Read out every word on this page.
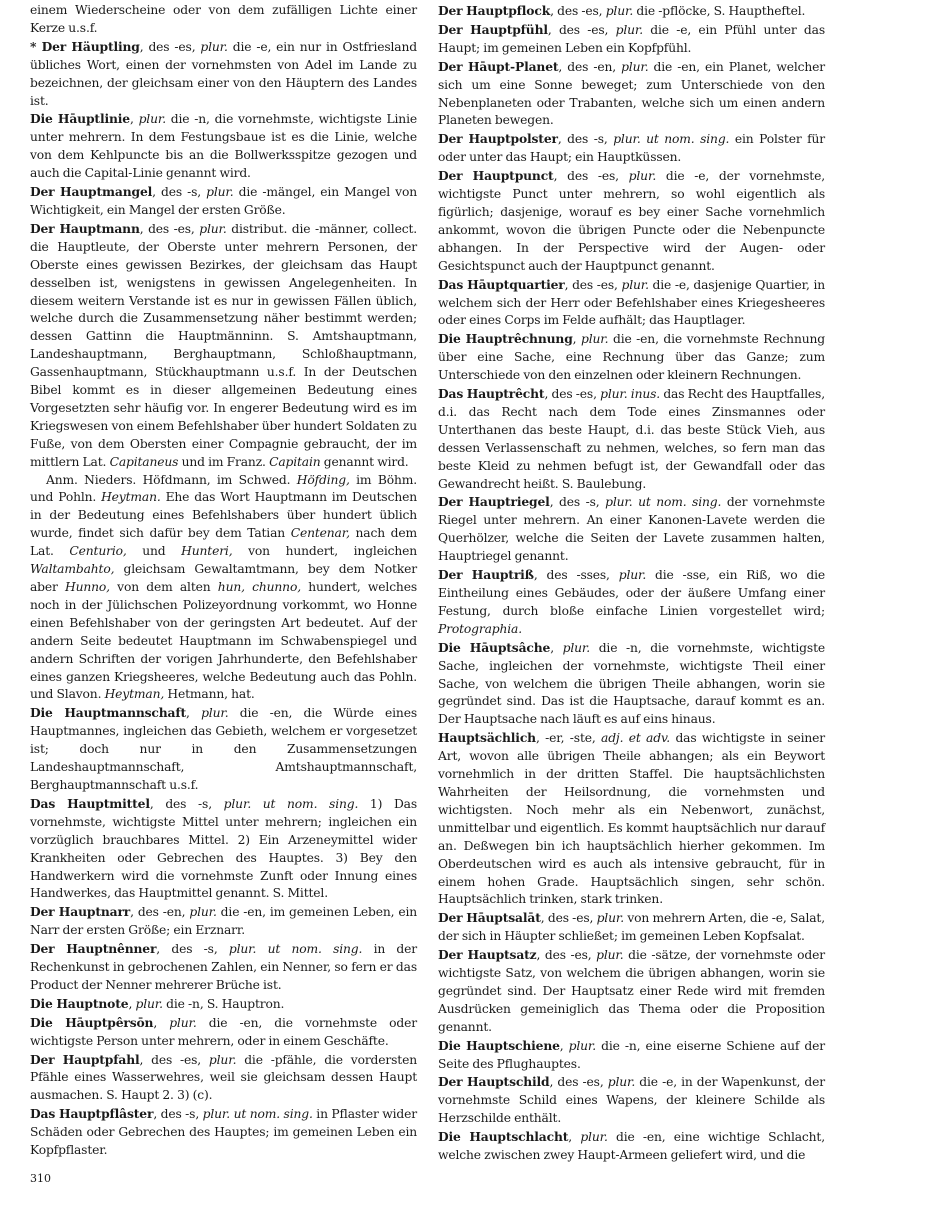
einem Wiederscheine oder von dem zufälligen Lichte einer Kerze u.s.f.

* Der Häuptling, des -es, plur. die -e, ein nur in Ostfriesland übliches Wort, einen der vornehmsten von Adel im Lande zu bezeichnen, der gleichsam einer von den Häuptern des Landes ist.

Die Hāuptlinie, plur. die -n, die vornehmste, wichtigste Linie unter mehrern. In dem Festungsbaue ist es die Linie, welche von dem Kehlpuncte bis an die Bollwerksspitze gezogen und auch die Capital-Linie genannt wird.

Der Hauptmangel, des -s, plur. die -mängel, ein Mangel von Wichtigkeit, ein Mangel der ersten Größe.

Der Hauptmann, des -es, plur. distribut. die -männer, collect. die Hauptleute, der Oberste unter mehrern Personen, der Oberste eines gewissen Bezirkes, der gleichsam das Haupt desselben ist, wenigstens in gewissen Angelegenheiten. In diesem weitern Verstande ist es nur in gewissen Fällen üblich, welche durch die Zusammensetzung näher bestimmt werden; dessen Gattinn die Hauptmänninn. S. Amtshauptmann, Landeshauptmann, Berghauptmann, Schloßhauptmann, Gassenhauptmann, Stückhauptmann u.s.f. In der Deutschen Bibel kommt es in dieser allgemeinen Bedeutung eines Vorgesetzten sehr häufig vor. In engerer Bedeutung wird es im Kriegswesen von einem Befehlshaber über hundert Soldaten zu Fuße, von dem Obersten einer Compagnie gebraucht, der im mittlern Lat. Capitaneus und im Franz. Capitain genannt wird.

Anm. Nieders. Höfdmann, im Schwed. Höfding, im Böhm. und Pohln. Heytman. Ehe das Wort Hauptmann im Deutschen in der Bedeutung eines Befehlshabers über hundert üblich wurde, findet sich dafür bey dem Tatian Centenar, nach dem Lat. Centurio, und Hunteri, von hundert, ingleichen Waltambahto, gleichsam Gewaltamtmann, bey dem Notker aber Hunno, von dem alten hun, chunno, hundert, welches noch in der Jülichschen Polizeyordnung vorkommt, wo Honne einen Befehlshaber von der geringsten Art bedeutet. Auf der andern Seite bedeutet Hauptmann im Schwabenspiegel und andern Schriften der vorigen Jahrhunderte, den Befehlshaber eines ganzen Kriegsheeres, welche Bedeutung auch das Pohln. und Slavon. Heytman, Hetmann, hat.

Die Hauptmannschaft, plur. die -en, die Würde eines Hauptmannes, ingleichen das Gebieth, welchem er vorgesetzet ist; doch nur in den Zusammensetzungen Landeshauptmannschaft, Amtshauptmannschaft, Berghauptmannschaft u.s.f.

Das Hauptmittel, des -s, plur. ut nom. sing. 1) Das vornehmste, wichtigste Mittel unter mehrern; ingleichen ein vorzüglich brauchbares Mittel. 2) Ein Arzeneymittel wider Krankheiten oder Gebrechen des Hauptes. 3) Bey den Handwerkern wird die vornehmste Zunft oder Innung eines Handwerkes, das Hauptmittel genannt. S. Mittel.

Der Hauptnarr, des -en, plur. die -en, im gemeinen Leben, ein Narr der ersten Größe; ein Erznarr.

Der Hauptnênner, des -s, plur. ut nom. sing. in der Rechenkunst in gebrochenen Zahlen, ein Nenner, so fern er das Product der Nenner mehrerer Brüche ist.

Die Hauptnote, plur. die -n, S. Hauptron.

Die Hāuptpêrsōn, plur. die -en, die vornehmste oder wichtigste Person unter mehrern, oder in einem Geschäfte.

Der Hauptpfahl, des -es, plur. die -pfähle, die vordersten Pfähle eines Wasserwehres, weil sie gleichsam dessen Haupt ausmachen. S. Haupt 2. 3) (c).

Das Hauptpflâster, des -s, plur. ut nom. sing. in Pflaster wider Schäden oder Gebrechen des Hauptes; im gemeinen Leben ein Kopfpflaster.

Der Hauptpflock, des -es, plur. die -pflöcke, S. Hauptheftel.

Der Hauptpfühl, des -es, plur. die -e, ein Pfühl unter das Haupt; im gemeinen Leben ein Kopfpfühl.

Der Hāupt-Planet, des -en, plur. die -en, ein Planet, welcher sich um eine Sonne beweget; zum Unterschiede von den Nebenplaneten oder Trabanten, welche sich um einen andern Planeten bewegen.

Der Hauptpolster, des -s, plur. ut nom. sing. ein Polster für oder unter das Haupt; ein Hauptküssen.

Der Hauptpunct, des -es, plur. die -e, der vornehmste, wichtigste Punct unter mehrern, so wohl eigentlich als figürlich; dasjenige, worauf es bey einer Sache vornehmlich ankommt, wovon die übrigen Puncte oder die Nebenpuncte abhangen. In der Perspective wird der Augen- oder Gesichtspunct auch der Hauptpunct genannt.

Das Hāuptquartier, des -es, plur. die -e, dasjenige Quartier, in welchem sich der Herr oder Befehlshaber eines Kriegesheeres oder eines Corps im Felde aufhält; das Hauptlager.

Die Hauptrêchnung, plur. die -en, die vornehmste Rechnung über eine Sache, eine Rechnung über das Ganze; zum Unterschiede von den einzelnen oder kleinern Rechnungen.

Das Hauptrêcht, des -es, plur. inus. das Recht des Hauptfalles, d.i. das Recht nach dem Tode eines Zinsmannes oder Unterthanen das beste Haupt, d.i. das beste Stück Vieh, aus dessen Verlassenschaft zu nehmen, welches, so fern man das beste Kleid zu nehmen befugt ist, der Gewandfall oder das Gewandrecht heißt. S. Baulebung.

Der Hauptriegel, des -s, plur. ut nom. sing. der vornehmste Riegel unter mehrern. An einer Kanonen-Lavete werden die Querhölzer, welche die Seiten der Lavete zusammen halten, Hauptriegel genannt.

Der Hauptriß, des -sses, plur. die -sse, ein Riß, wo die Eintheilung eines Gebäudes, oder der äußere Umfang einer Festung, durch bloße einfache Linien vorgestellet wird; Protographia.

Die Hāuptsâche, plur. die -n, die vornehmste, wichtigste Sache, ingleichen der vornehmste, wichtigste Theil einer Sache, von welchem die übrigen Theile abhangen, worin sie gegründet sind. Das ist die Hauptsache, darauf kommt es an. Der Hauptsache nach läuft es auf eins hinaus.

Hauptsächlich, -er, -ste, adj. et adv. das wichtigste in seiner Art, wovon alle übrigen Theile abhangen; als ein Beywort vornehmlich in der dritten Staffel. Die hauptsächlichsten Wahrheiten der Heilsordnung, die vornehmsten und wichtigsten. Noch mehr als ein Nebenwort, zunächst, unmittelbar und eigentlich. Es kommt hauptsächlich nur darauf an. Deßwegen bin ich hauptsächlich hierher gekommen. Im Oberdeutschen wird es auch als intensive gebraucht, für in einem hohen Grade. Hauptsächlich singen, sehr schön. Hauptsächlich trinken, stark trinken.

Der Hāuptsalāt, des -es, plur. von mehrern Arten, die -e, Salat, der sich in Häupter schließet; im gemeinen Leben Kopfsalat.

Der Hauptsatz, des -es, plur. die -sätze, der vornehmste oder wichtigste Satz, von welchem die übrigen abhangen, worin sie gegründet sind. Der Hauptsatz einer Rede wird mit fremden Ausdrücken gemeiniglich das Thema oder die Proposition genannt.

Die Hauptschiene, plur. die -n, eine eiserne Schiene auf der Seite des Pflughauptes.

Der Hauptschild, des -es, plur. die -e, in der Wapenkunst, der vornehmste Schild eines Wapens, der kleinere Schilde als Herzschilde enthält.

Die Hauptschlacht, plur. die -en, eine wichtige Schlacht, welche zwischen zwey Haupt-Armeen geliefert wird, und die

310
